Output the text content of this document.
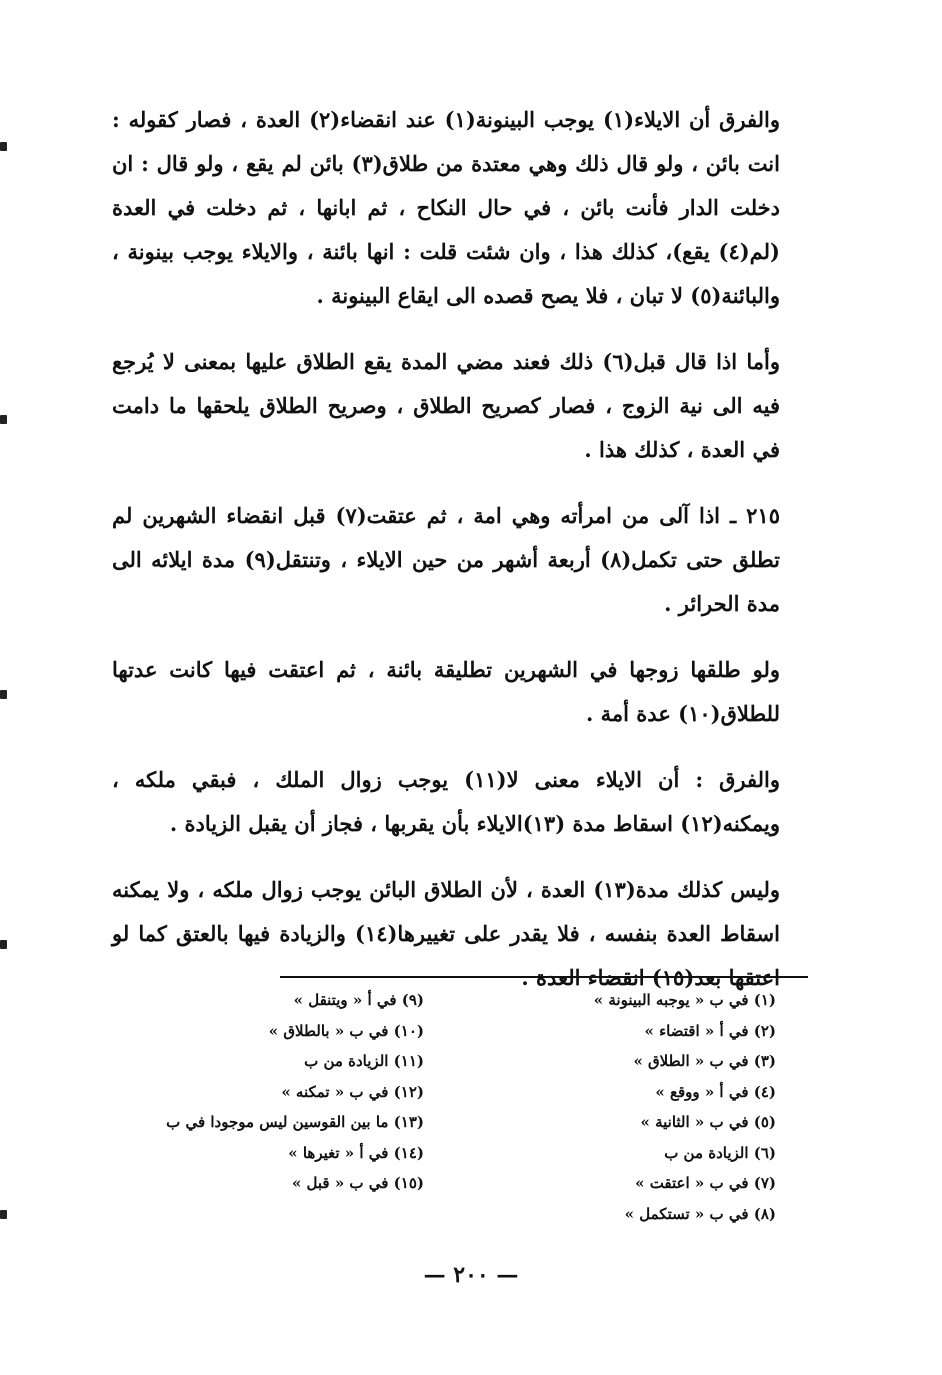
والفرق أن الايلاء(١) يوجب البينونة(١) عند انقضاء(٢) العدة ، فصار كقوله : انت بائن ، ولو قال ذلك وهي معتدة من طلاق(٣) بائن لم يقع ، ولو قال : ان دخلت الدار فأنت بائن ، في حال النكاح ، ثم ابانها ، ثم دخلت في العدة (لم(٤) يقع)، كذلك هذا ، وان شئت قلت : انها بائنة ، والايلاء يوجب بينونة ، والبائنة(٥) لا تبان ، فلا يصح قصده الى ايقاع البينونة .

وأما اذا قال قبل(٦) ذلك فعند مضي المدة يقع الطلاق عليها بمعنى لا يُرجع فيه الى نية الزوج ، فصار كصريح الطلاق ، وصريح الطلاق يلحقها ما دامت في العدة ، كذلك هذا .

٢١٥ ـ اذا آلى من امرأته وهي امة ، ثم عتقت(٧) قبل انقضاء الشهرين لم تطلق حتى تكمل(٨) أربعة أشهر من حين الايلاء ، وتنتقل(٩) مدة ايلائه الى مدة الحرائر .

ولو طلقها زوجها في الشهرين تطليقة بائنة ، ثم اعتقت فيها كانت عدتها للطلاق(١٠) عدة أمة .

والفرق : أن الايلاء معنى لا(١١) يوجب زوال الملك ، فبقي ملكه ، ويمكنه(١٢) اسقاط مدة (١٣)الايلاء بأن يقربها ، فجاز أن يقبل الزيادة .

وليس كذلك مدة(١٣) العدة ، لأن الطلاق البائن يوجب زوال ملكه ، ولا يمكنه اسقاط العدة بنفسه ، فلا يقدر على تغييرها(١٤) والزيادة فيها بالعتق كما لو اعتقها بعد(١٥) انقضاء العدة .

(١) في ب « يوجبه البينونة »
(٢) في أ « اقتضاء »
(٣) في ب « الطلاق »
(٤) في أ « ووقع »
(٥) في ب « الثانية »
(٦) الزيادة من ب
(٧) في ب « اعتقت »
(٨) في ب « تستكمل »
(٩) في أ « ويتنقل »
(١٠) في ب « بالطلاق »
(١١) الزيادة من ب
(١٢) في ب « تمكنه »
(١٣) ما بين القوسين ليس موجودا في ب
(١٤) في أ « تغيرها »
(١٥) في ب « قبل »
— ٢٠٠ —
